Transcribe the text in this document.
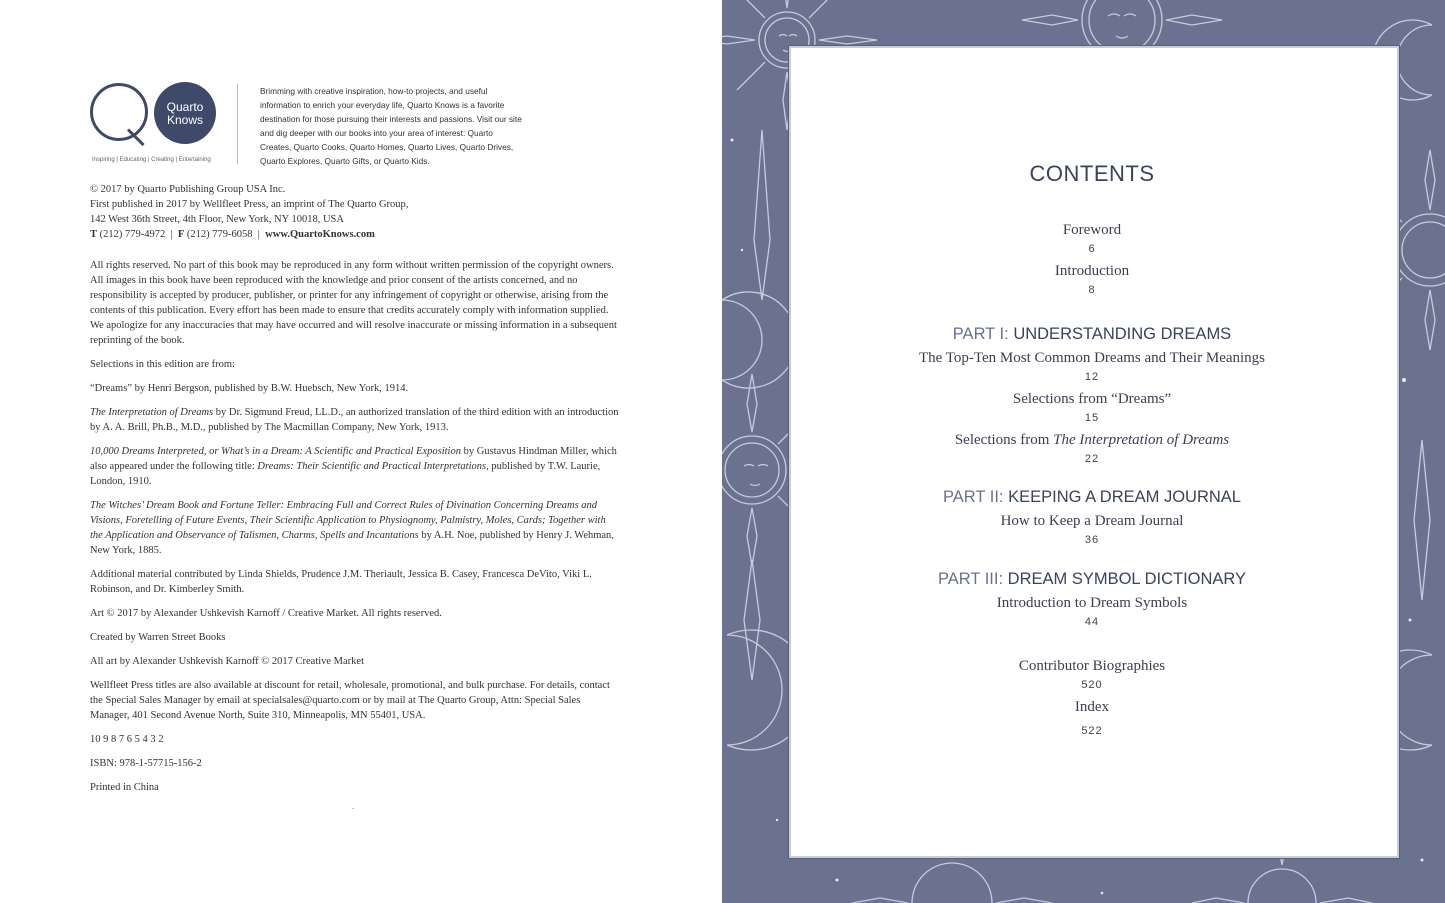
Quarto
Knows
Inspiring | Educating | Creating | Entertaining
Brimming with creative inspiration, how-to projects, and useful information to enrich your everyday life, Quarto Knows is a favorite destination for those pursuing their interests and passions. Visit our site and dig deeper with our books into your area of interest: Quarto Creates, Quarto Cooks, Quarto Homes, Quarto Lives, Quarto Drives, Quarto Explores, Quarto Gifts, or Quarto Kids.

© 2017 by Quarto Publishing Group USA Inc.

First published in 2017 by Wellfleet Press, an imprint of The Quarto Group,

142 West 36th Street, 4th Floor, New York, NY 10018, USA

T (212) 779-4972 | F (212) 779-6058 | www.QuartoKnows.com

All rights reserved. No part of this book may be reproduced in any form without written permission of the copyright owners. All images in this book have been reproduced with the knowledge and prior consent of the artists concerned, and no responsibility is accepted by producer, publisher, or printer for any infringement of copyright or otherwise, arising from the contents of this publication. Every effort has been made to ensure that credits accurately comply with information supplied. We apologize for any inaccuracies that may have occurred and will resolve inaccurate or missing information in a subsequent reprinting of the book.

Selections in this edition are from:

“Dreams” by Henri Bergson, published by B.W. Huebsch, New York, 1914.

The Interpretation of Dreams by Dr. Sigmund Freud, LL.D., an authorized translation of the third edition with an introduction by A. A. Brill, Ph.B., M.D., published by The Macmillan Company, New York, 1913.

10,000 Dreams Interpreted, or What’s in a Dream: A Scientific and Practical Exposition by Gustavus Hindman Miller, which also appeared under the following title: Dreams: Their Scientific and Practical Interpretations, published by T.W. Laurie, London, 1910.

The Witches’ Dream Book and Fortune Teller: Embracing Full and Correct Rules of Divination Concerning Dreams and Visions, Foretelling of Future Events, Their Scientific Application to Physiognomy, Palmistry, Moles, Cards; Together with the Application and Observance of Talismen, Charms, Spells and Incantations by A.H. Noe, published by Henry J. Wehman, New York, 1885.

Additional material contributed by Linda Shields, Prudence J.M. Theriault, Jessica B. Casey, Francesca DeVito, Viki L. Robinson, and Dr. Kimberley Smith.

Art © 2017 by Alexander Ushkevish Karnoff / Creative Market. All rights reserved.

Created by Warren Street Books

All art by Alexander Ushkevish Karnoff © 2017 Creative Market

Wellfleet Press titles are also available at discount for retail, wholesale, promotional, and bulk purchase. For details, contact the Special Sales Manager by email at specialsales@quarto.com or by mail at The Quarto Group, Attn: Special Sales Manager, 401 Second Avenue North, Suite 310, Minneapolis, MN 55401, USA.

10 9 8 7 6 5 4 3 2

ISBN: 978-1-57715-156-2

Printed in China

.
CONTENTS
Foreword
6
Introduction
8
PART I: UNDERSTANDING DREAMS
The Top-Ten Most Common Dreams and Their Meanings
12
Selections from “Dreams”
15
Selections from The Interpretation of Dreams
22
PART II: KEEPING A DREAM JOURNAL
How to Keep a Dream Journal
36
PART III: DREAM SYMBOL DICTIONARY
Introduction to Dream Symbols
44
Contributor Biographies
520
Index
522
